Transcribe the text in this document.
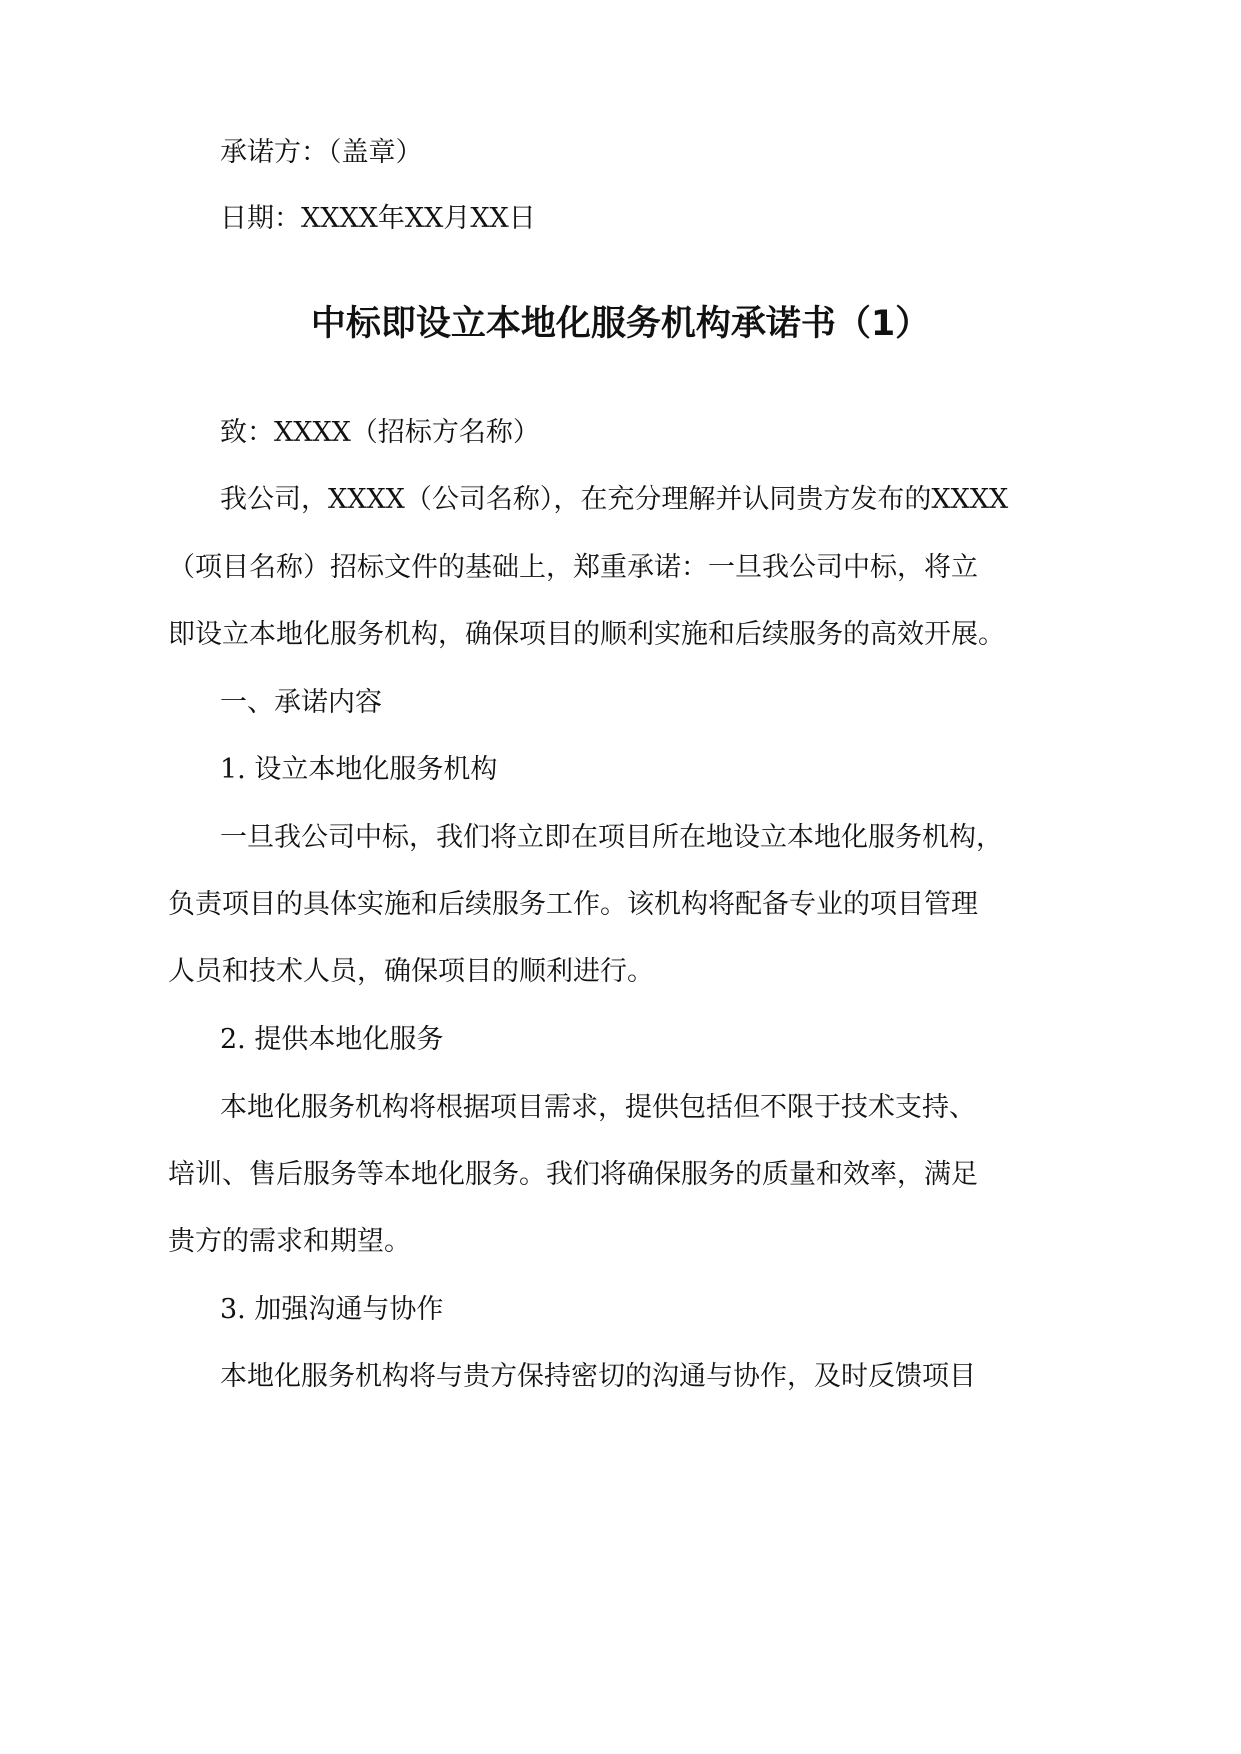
承诺方：（盖章）

日期：XXXX年XX月XX日

中标即设立本地化服务机构承诺书（1）

致：XXXX（招标方名称）

我公司，XXXX（公司名称），在充分理解并认同贵方发布的XXXX

（项目名称）招标文件的基础上，郑重承诺：一旦我公司中标，将立

即设立本地化服务机构，确保项目的顺利实施和后续服务的高效开展。

一、承诺内容

1. 设立本地化服务机构

一旦我公司中标，我们将立即在项目所在地设立本地化服务机构，

负责项目的具体实施和后续服务工作。该机构将配备专业的项目管理

人员和技术人员，确保项目的顺利进行。

2. 提供本地化服务

本地化服务机构将根据项目需求，提供包括但不限于技术支持、

培训、售后服务等本地化服务。我们将确保服务的质量和效率，满足

贵方的需求和期望。

3. 加强沟通与协作

本地化服务机构将与贵方保持密切的沟通与协作，及时反馈项目
